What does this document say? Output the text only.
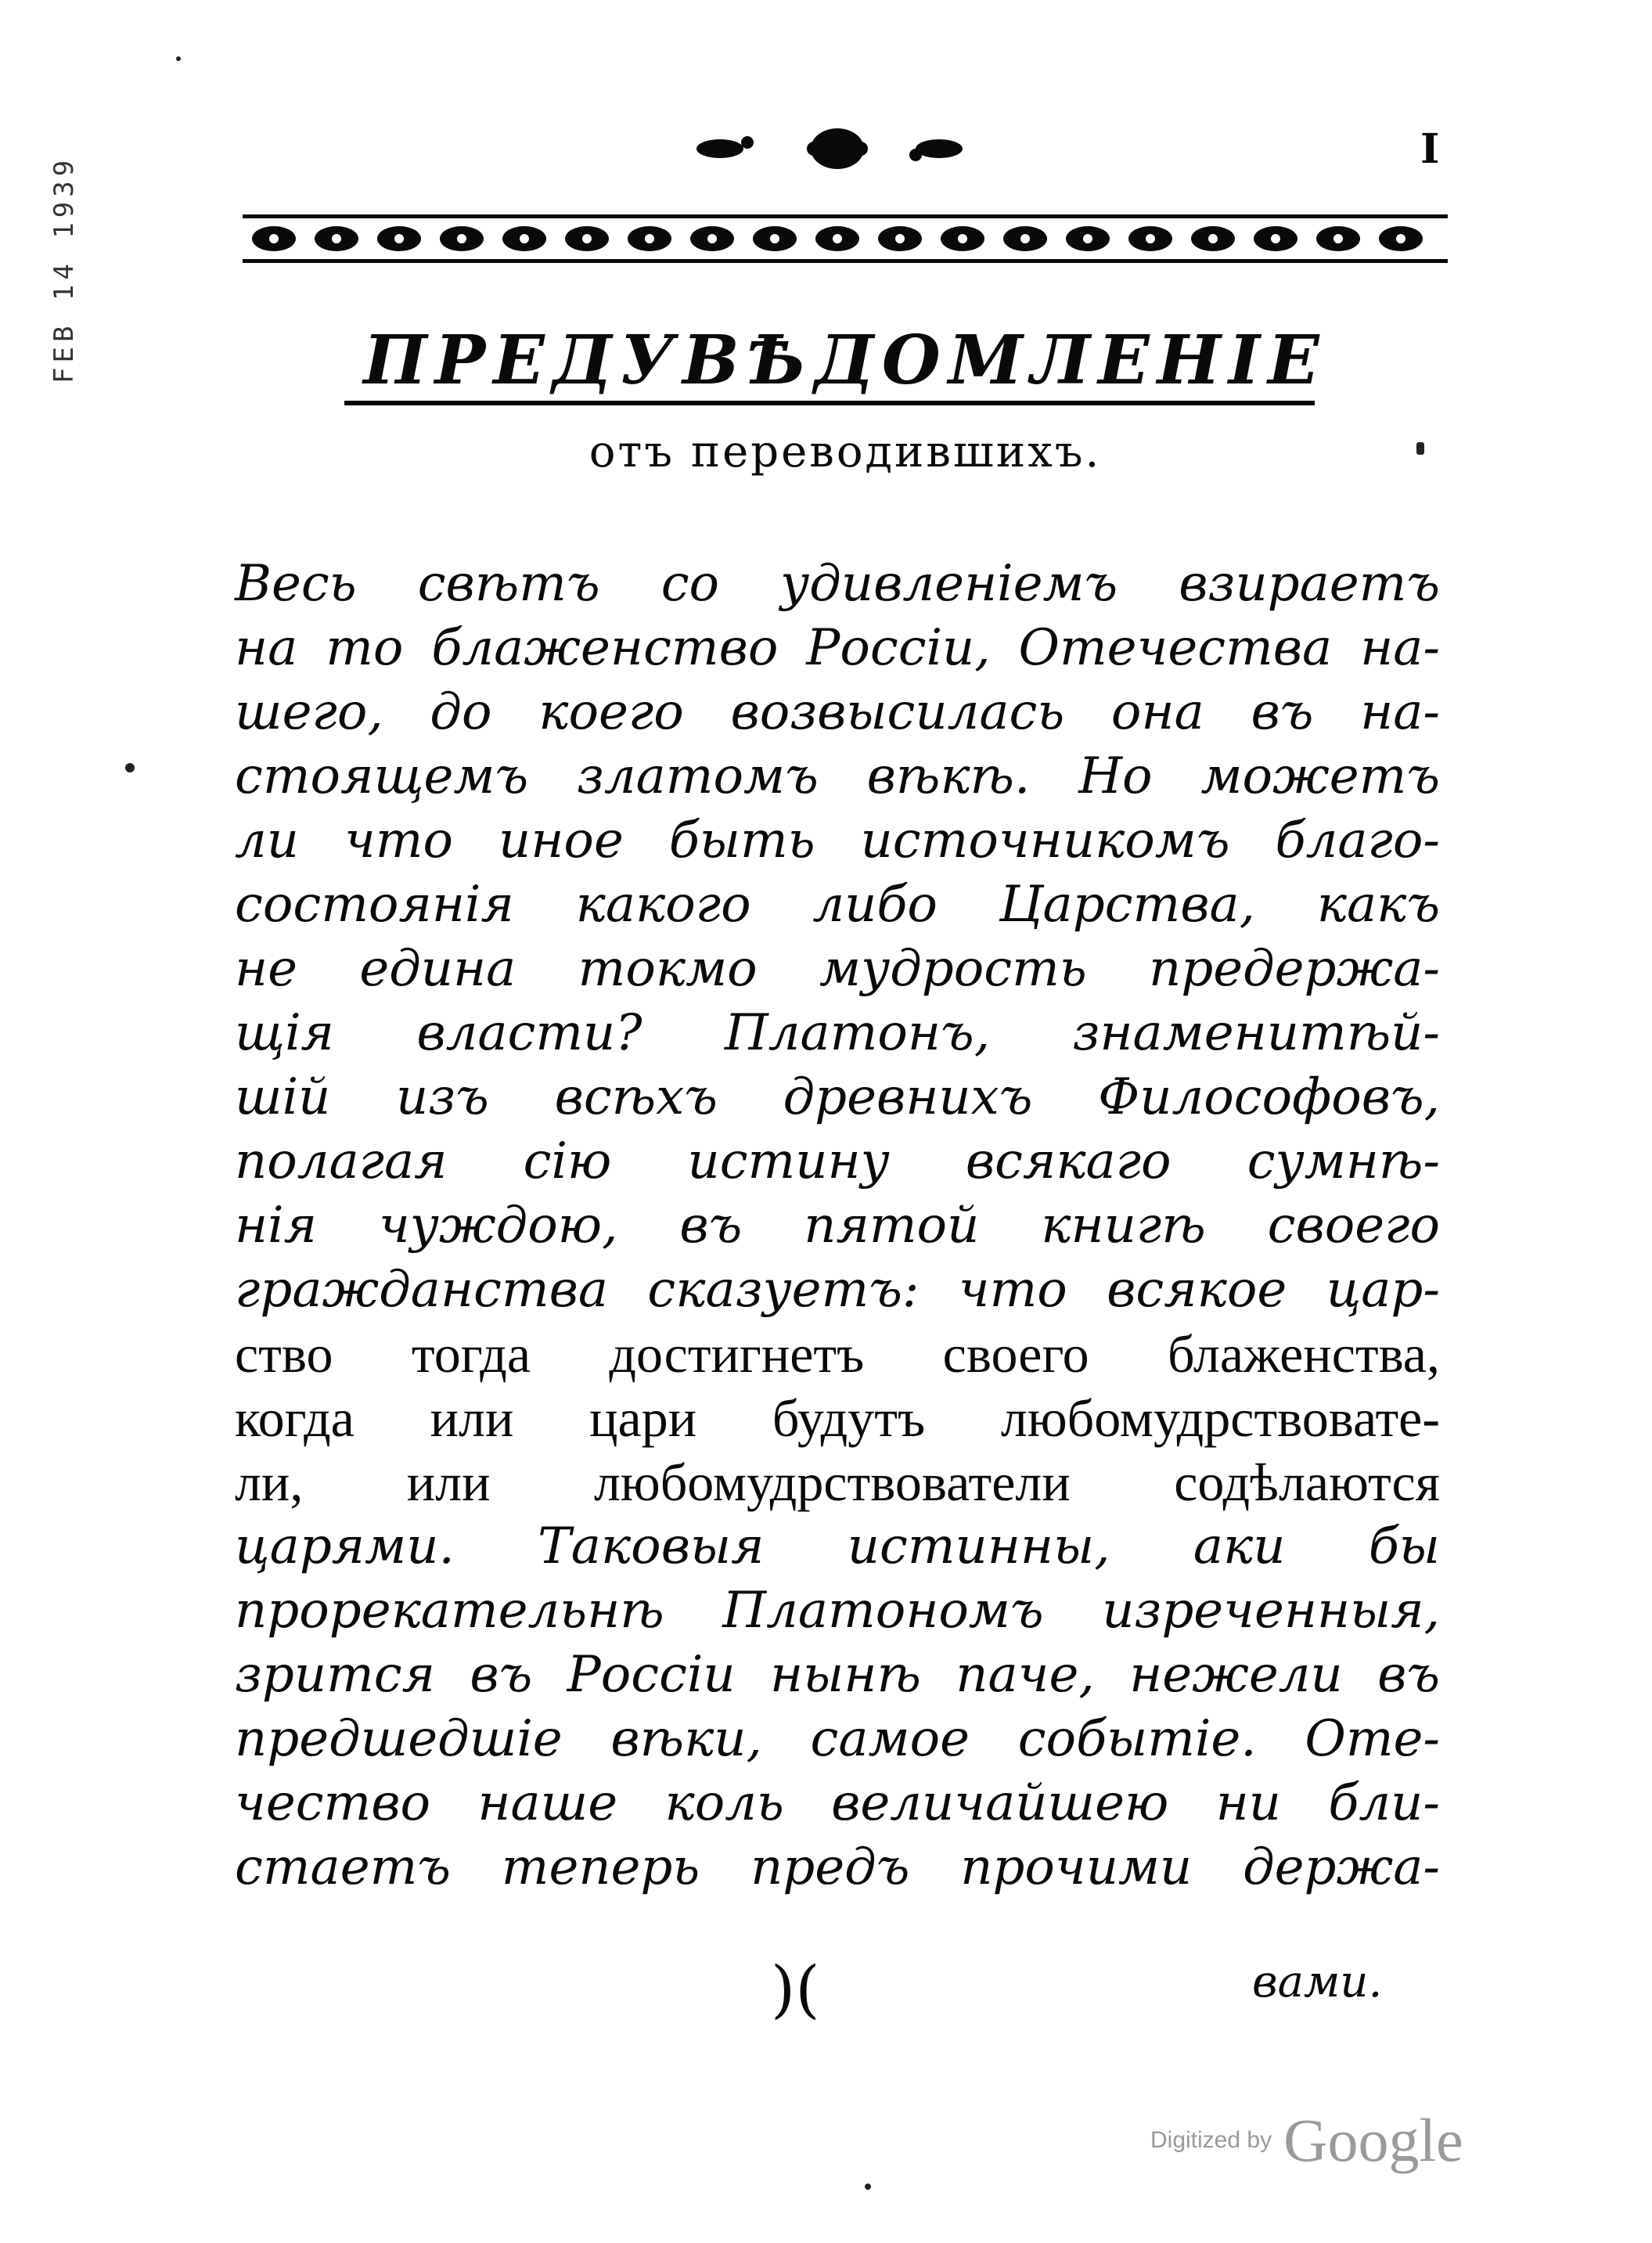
FEB 14 1939
I
ПРЕДУВѢДОМЛЕНІЕ
отъ переводившихъ.
Весь свѣтъ со удивленіемъ взираетъ
на то блаженство Россіи, Отечества на-
шего, до коего возвысилась она въ на-
стоящемъ златомъ вѣкѣ. Но можетъ
ли что иное быть источникомъ благо-
состоянія какого либо Царства, какъ
не едина токмо мудрость предержа-
щія власти? Платонъ, знаменитѣй-
шій изъ всѣхъ древнихъ Философовъ,
полагая сію истину всякаго сумнѣ-
нія чуждою, въ пятой книгѣ своего
гражданства сказуетъ: что всякое цар-
ство тогда достигнетъ своего блаженства,
когда или цари будутъ любомудрствовате-
ли, или любомудрствователи содѣлаются
царями. Таковыя истинны, аки бы
прорекательнѣ Платономъ изреченныя,
зрится въ Россіи нынѣ паче, нежели въ
предшедшіе вѣки, самое событіе. Оте-
чество наше коль величайшею ни бли-
стаетъ теперь предъ прочими держа-
)(	вами.
Digitized by Google
